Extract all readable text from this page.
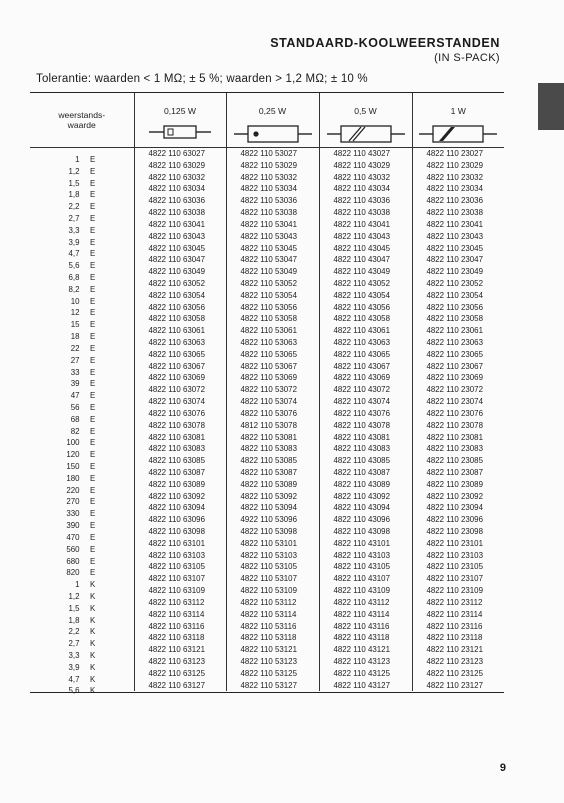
STANDAARD-KOOLWEERSTANDEN
(IN S-PACK)
Tolerantie: waarden < 1 MΩ; ± 5 %; waarden > 1,2 MΩ; ± 10 %
weerstands-
waarde	0,125 W	0,25 W	0,5 W	1 W

1 E	4822 110 63027	4822 110 53027	4822 110 43027	4822 110 23027

1,2 E	4822 110 63029	4822 110 53029	4822 110 43029	4822 110 23029

1,5 E	4822 110 63032	4822 110 53032	4822 110 43032	4822 110 23032

1,8 E	4822 110 63034	4822 110 53034	4822 110 43034	4822 110 23034

2,2 E	4822 110 63036	4822 110 53036	4822 110 43036	4822 110 23036

2,7 E	4822 110 63038	4822 110 53038	4822 110 43038	4822 110 23038

3,3 E	4822 110 63041	4822 110 53041	4822 110 43041	4822 110 23041

3,9 E	4822 110 63043	4822 110 53043	4822 110 43043	4822 110 23043

4,7 E	4822 110 63045	4822 110 53045	4822 110 43045	4822 110 23045

5,6 E	4822 110 63047	4822 110 53047	4822 110 43047	4822 110 23047

6,8 E	4822 110 63049	4822 110 53049	4822 110 43049	4822 110 23049

8,2 E	4822 110 63052	4822 110 53052	4822 110 43052	4822 110 23052

10 E	4822 110 63054	4822 110 53054	4822 110 43054	4822 110 23054

12 E	4822 110 63056	4822 110 53056	4822 110 43056	4822 110 23056

15 E	4822 110 63058	4822 110 53058	4822 110 43058	4822 110 23058

18 E	4822 110 63061	4822 110 53061	4822 110 43061	4822 110 23061

22 E	4822 110 63063	4822 110 53063	4822 110 43063	4822 110 23063

27 E	4822 110 63065	4822 110 53065	4822 110 43065	4822 110 23065

33 E	4822 110 63067	4822 110 53067	4822 110 43067	4822 110 23067

39 E	4822 110 63069	4822 110 53069	4822 110 43069	4822 110 23069

47 E	4822 110 63072	4822 110 53072	4822 110 43072	4822 110 23072

56 E	4822 110 63074	4822 110 53074	4822 110 43074	4822 110 23074

68 E	4822 110 63076	4822 110 53076	4822 110 43076	4822 110 23076

82 E	4822 110 63078	4812 110 53078	4822 110 43078	4822 110 23078

100 E	4822 110 63081	4822 110 53081	4822 110 43081	4822 110 23081

120 E	4822 110 63083	4822 110 53083	4822 110 43083	4822 110 23083

150 E	4822 110 63085	4822 110 53085	4822 110 43085	4822 110 23085

180 E	4822 110 63087	4822 110 53087	4822 110 43087	4822 110 23087

220 E	4822 110 63089	4822 110 53089	4822 110 43089	4822 110 23089

270 E	4822 110 63092	4822 110 53092	4822 110 43092	4822 110 23092

330 E	4822 110 63094	4822 110 53094	4822 110 43094	4822 110 23094

390 E	4822 110 63096	4922 110 53096	4822 110 43096	4822 110 23096

470 E	4822 110 63098	4822 110 53098	4822 110 43098	4822 110 23098

560 E	4822 110 63101	4822 110 53101	4822 110 43101	4822 110 23101

680 E	4822 110 63103	4822 110 53103	4822 110 43103	4822 110 23103

820 E	4822 110 63105	4822 110 53105	4822 110 43105	4822 110 23105

1 K	4822 110 63107	4822 110 53107	4822 110 43107	4822 110 23107

1,2 K	4822 110 63109	4822 110 53109	4822 110 43109	4822 110 23109

1,5 K	4822 110 63112	4822 110 53112	4822 110 43112	4822 110 23112

1,8 K	4822 110 63114	4822 110 53114	4822 110 43114	4822 110 23114

2,2 K	4822 110 63116	4822 110 53116	4822 110 43116	4822 110 23116

2,7 K	4822 110 63118	4822 110 53118	4822 110 43118	4822 110 23118

3,3 K	4822 110 63121	4822 110 53121	4822 110 43121	4822 110 23121

3,9 K	4822 110 63123	4822 110 53123	4822 110 43123	4822 110 23123

4,7 K	4822 110 63125	4822 110 53125	4822 110 43125	4822 110 23125

5,6 K	4822 110 63127	4822 110 53127	4822 110 43127	4822 110 23127
9
